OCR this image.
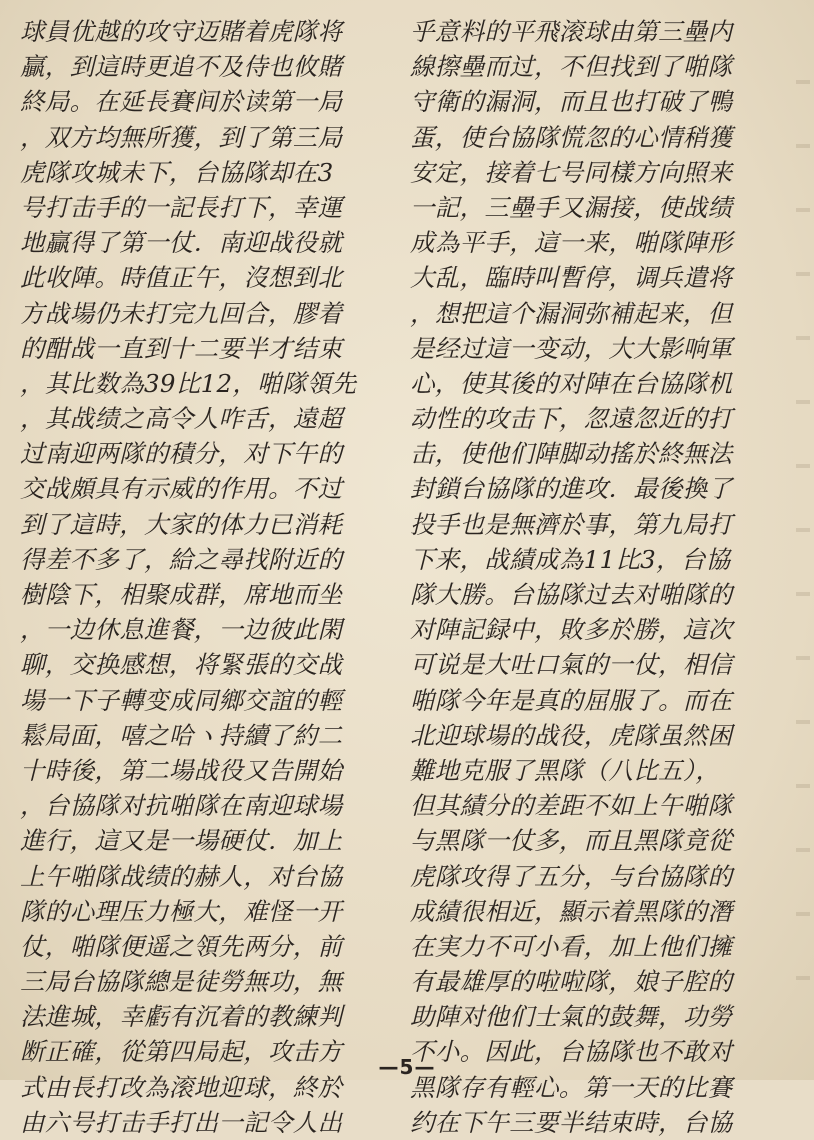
球員优越的攻守迈賭着虎隊将
贏，到這時更追不及侍也攸賭
終局。在延長賽间於读第一局
，双方均無所獲，到了第三局
虎隊攻城未下，台協隊却在3
号打击手的一記長打下，幸運
地贏得了第一仗．南迎战役就
此收陣。時值正午，沒想到北
方战場仍未打完九回合，膠着
的酣战一直到十二要半才结束
，其比数為39比12，啪隊領先
，其战绩之高令人咋舌，遠超
过南迎两隊的積分，对下午的
交战頗具有示威的作用。不过
到了這時，大家的体力已消耗
得差不多了，給之尋找附近的
樹陰下，相聚成群，席地而坐
，一边休息進餐，一边彼此閑
聊，交换感想，将緊張的交战
場一下子轉变成同鄉交誼的輕
鬆局面，嘻之哈ヽ持續了約二
十時後，第二場战役又告開始
，台協隊对抗啪隊在南迎球場
進行，這又是一場硬仗．加上
上午啪隊战绩的赫人，对台協
隊的心理压力極大，难怪一开
仗，啪隊便遥之領先两分，前
三局台協隊總是徒勞無功，無
法進城，幸虧有沉着的教練判
断正確，從第四局起，攻击方
式由長打改為滚地迎球，終於
由六号打击手打出一記令人出
乎意料的平飛滚球由第三壘内
線擦壘而过，不但找到了啪隊
守衛的漏洞，而且也打破了鴨
蛋，使台協隊慌忽的心情稍獲
安定，接着七号同樣方向照来
一記，三壘手又漏接，使战绩
成為平手，這一来，啪隊陣形
大乱，臨時叫暫停，调兵遣将
，想把這个漏洞弥補起来，但
是经过這一变动，大大影响軍
心，使其後的对陣在台協隊机
动性的攻击下，忽遠忽近的打
击，使他们陣脚动搖於終無法
封鎖台協隊的進攻．最後換了
投手也是無濟於事，第九局打
下来，战績成為11比3，台協
隊大勝。台協隊过去对啪隊的
对陣記録中，敗多於勝，這次
可说是大吐口氣的一仗，相信
啪隊今年是真的屈服了。而在
北迎球場的战役，虎隊虽然困
難地克服了黑隊（八比五），
但其績分的差距不如上午啪隊
与黑隊一仗多，而且黑隊竟從
虎隊攻得了五分，与台協隊的
成績很相近，顯示着黑隊的潛
在実力不可小看，加上他们擁
有最雄厚的啦啦隊，娘子腔的
助陣对他们士氣的鼓舞，功勞
不小。因此，台協隊也不敢对
黑隊存有輕心。第一天的比賽
约在下午三要半结束時，台協
—5—
